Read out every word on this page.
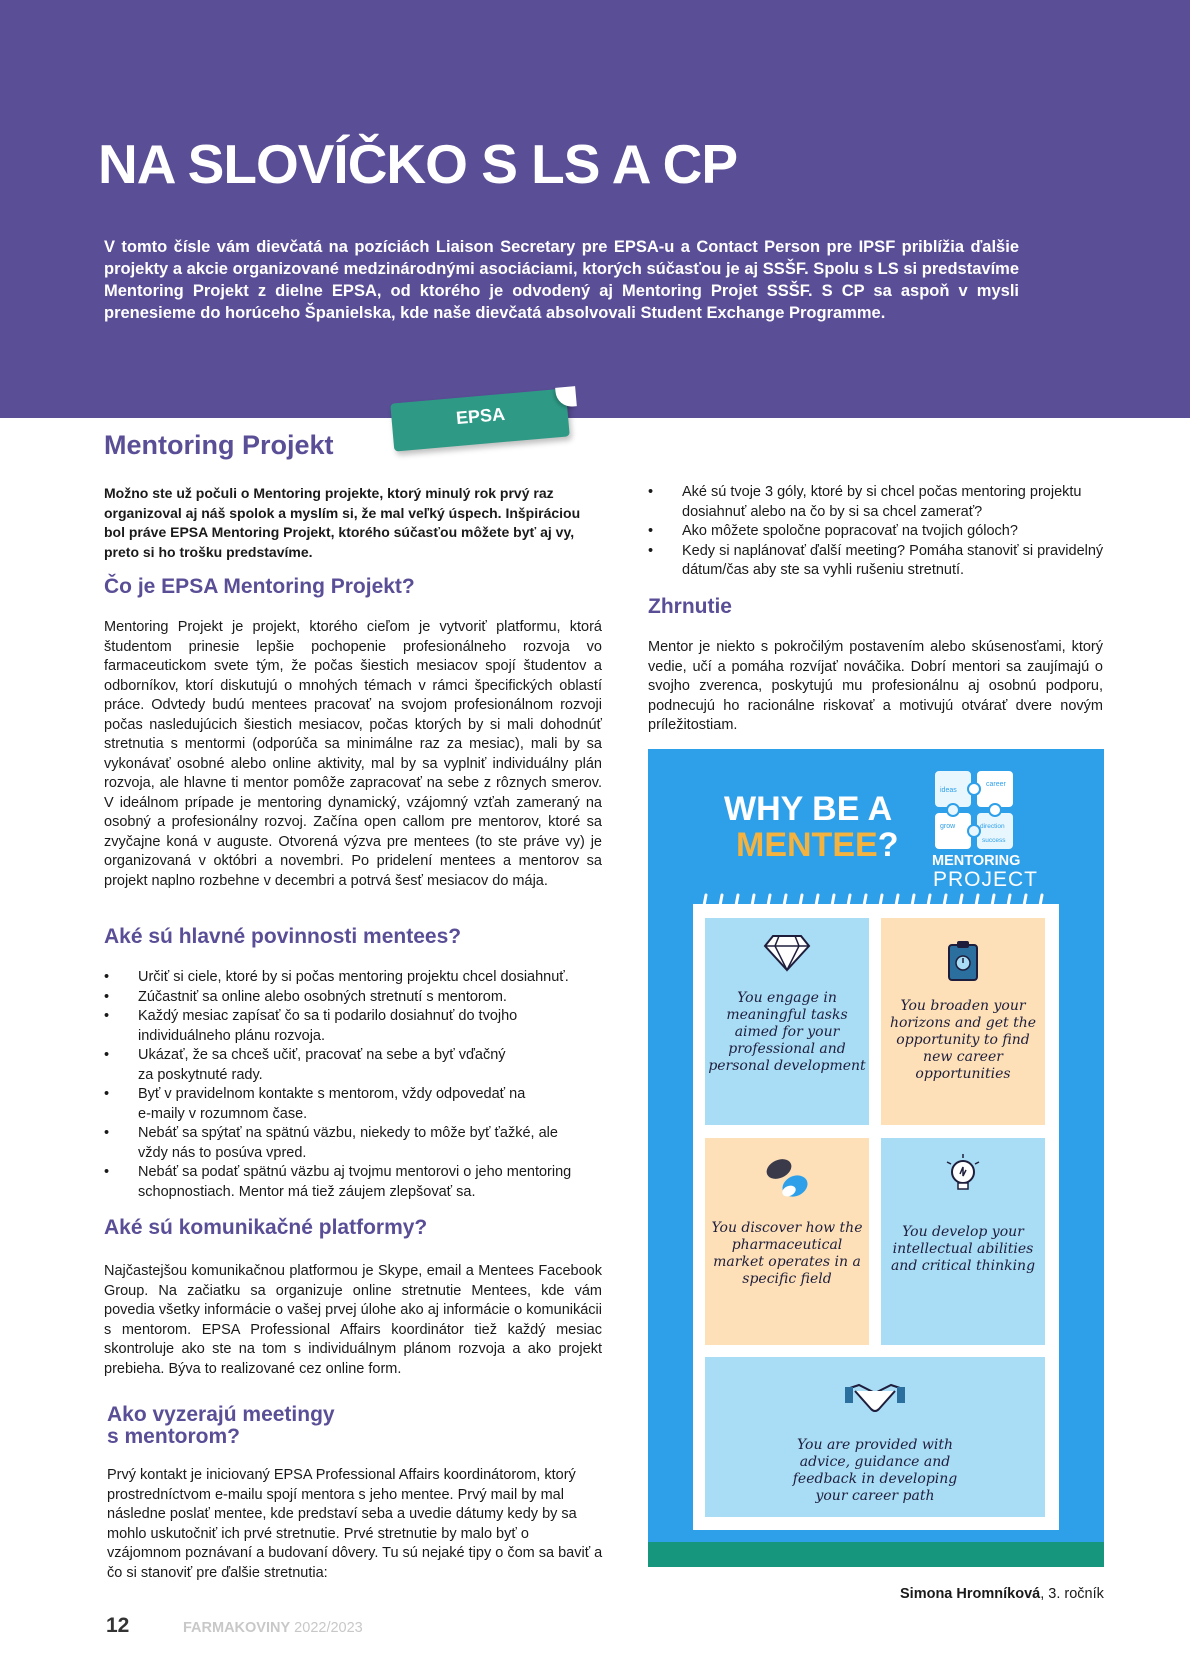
NA SLOVÍČKO S LS A CP

V tomto čísle vám dievčatá na pozíciách Liaison Secretary pre EPSA-u a Contact Person pre IPSF priblížia ďalšie projekty a akcie organizované medzinárodnými asociáciami, ktorých súčasťou je aj SSŠF. Spolu s LS si predstavíme Mentoring Projekt z dielne EPSA, od ktorého je odvodený aj Mentoring Projet SSŠF. S CP sa aspoň v mysli prenesieme do horúceho Španielska, kde naše dievčatá absolvovali Student Exchange Programme.

EPSA
Mentoring Projekt

Možno ste už počuli o Mentoring projekte, ktorý minulý rok prvý raz organizoval aj náš spolok a myslím si, že mal veľký úspech. Inšpiráciou bol práve EPSA Mentoring Projekt, ktorého súčasťou môžete byť aj vy, preto si ho trošku predstavíme.

Čo je EPSA Mentoring Projekt?

Mentoring Projekt je projekt, ktorého cieľom je vytvoriť platformu, ktorá študentom prinesie lepšie pochopenie profesionálneho rozvoja vo farmaceutickom svete tým, že počas šiestich mesiacov spojí študentov a odborníkov, ktorí diskutujú o mnohých témach v rámci špecifických oblastí práce. Odvtedy budú mentees pracovať na svojom profesionálnom rozvoji počas nasledujúcich šiestich mesiacov, počas ktorých by si mali dohodnúť stretnutia s mentormi (odporúča sa minimálne raz za mesiac), mali by sa vykonávať osobné alebo online aktivity, mal by sa vyplniť individuálny plán rozvoja, ale hlavne ti mentor pomôže zapracovať na sebe z rôznych smerov. V ideálnom prípade je mentoring dynamický, vzájomný vzťah zameraný na osobný a profesionálny rozvoj. Začína open callom pre mentorov, ktoré sa zvyčajne koná v auguste. Otvorená výzva pre mentees (to ste práve vy) je organizovaná v októbri a novembri. Po pridelení mentees a mentorov sa projekt naplno rozbehne v decembri a potrvá šesť mesiacov do mája.

Aké sú hlavné povinnosti mentees?
• Určiť si ciele, ktoré by si počas mentoring projektu chcel dosiahnuť.
• Zúčastniť sa online alebo osobných stretnutí s mentorom.
• Každý mesiac zapísať čo sa ti podarilo dosiahnuť do tvojho individuálneho plánu rozvoja.
• Ukázať, že sa chceš učiť, pracovať na sebe a byť vďačný za poskytnuté rady.
• Byť v pravidelnom kontakte s mentorom, vždy odpovedať na e-maily v rozumnom čase.
• Nebáť sa spýtať na spätnú väzbu, niekedy to môže byť ťažké, ale vždy nás to posúva vpred.
• Nebáť sa podať spätnú väzbu aj tvojmu mentorovi o jeho mentoring schopnostiach. Mentor má tiež záujem zlepšovať sa.
Aké sú komunikačné platformy?

Najčastejšou komunikačnou platformou je Skype, email a Mentees Facebook Group. Na začiatku sa organizuje online stretnutie Mentees, kde vám povedia všetky informácie o vašej prvej úlohe ako aj informácie o komunikácii s mentorom. EPSA Professional Affairs koordinátor tiež každý mesiac skontroluje ako ste na tom s individuálnym plánom rozvoja a ako projekt prebieha. Býva to realizované cez online form.

Ako vyzerajú meetingy
s mentorom?

Prvý kontakt je iniciovaný EPSA Professional Affairs koordinátorom, ktorý prostredníctvom e-mailu spojí mentora s jeho mentee. Prvý mail by mal následne poslať mentee, kde predstaví seba a uvedie dátumy kedy by sa mohlo uskutočniť ich prvé stretnutie. Prvé stretnutie by malo byť o vzájomnom poznávaní a budovaní dôvery. Tu sú nejaké tipy o čom sa baviť a čo si stanoviť pre ďalšie stretnutia:

• Aké sú tvoje 3 góly, ktoré by si chcel počas mentoring projektu dosiahnuť alebo na čo by si sa chcel zamerať?
• Ako môžete spoločne popracovať na tvojich góloch?
• Kedy si naplánovať ďalší meeting? Pomáha stanoviť si pravidelný dátum/čas aby ste sa vyhli rušeniu stretnutí.
Zhrnutie

Mentor je niekto s pokročilým postavením alebo skúsenosťami, ktorý vedie, učí a pomáha rozvíjať nováčika. Dobrí mentori sa zaujímajú o svojho zverenca, poskytujú mu profesionálnu aj osobnú podporu, podnecujú ho racionálne riskovať a motivujú otvárať dvere novým príležitostiam.

WHY BE A
MENTEE?
career
grow	direction
ideas
success
MENTORING
PROJECT
You engage in meaningful tasks aimed for your professional and personal development
You broaden your horizons and get the opportunity to find new career opportunities
You discover how the pharmaceutical market operates in a specific field
You develop your intellectual abilities and critical thinking
You are provided with advice, guidance and feedback in developing your career path

Simona Hromníková, 3. ročník

12	FARMAKOVINY 2022/2023
